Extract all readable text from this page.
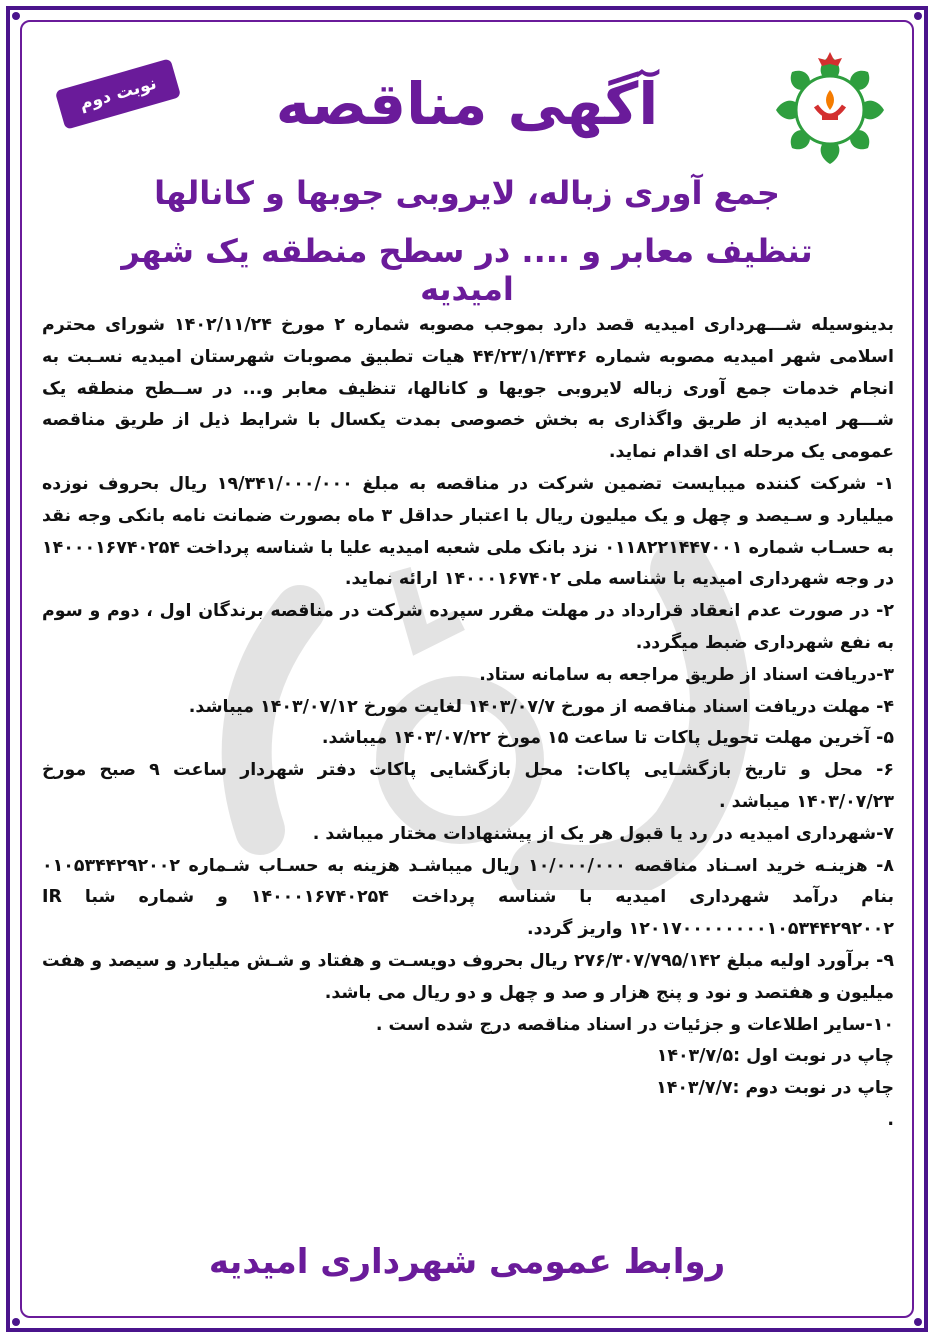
نوبت دوم	آگهی مناقصه
جمع آوری زباله، لایروبی جوبها و کانالها
تنظیف معابر و .... در سطح منطقه یک شهر امیدیه

بدینوسیله شـــهرداری امیدیه قصد دارد بموجب مصوبه شماره ۲ مورخ ۱۴۰۲/۱۱/۲۴ شورای محترم اسلامی شهر امیدیه مصوبه شماره ۴۴/۲۳/۱/۴۳۴۶ هیات تطبیق مصوبات شهرستان امیدیه نسـبت به انجام خدمات جمع آوری زباله لایروبی جویها و کانالها، تنظیف معابر و... در ســطح منطقه یک شـــهر امیدیه از طریق واگذاری به بخش خصوصی بمدت یکسال با شرایط ذیل از طریق مناقصه عمومی یک مرحله ای اقدام نماید.

۱- شرکت کننده میبایست تضمین شرکت در مناقصه به مبلغ ۱۹/۳۴۱/۰۰۰/۰۰۰ ریال بحروف نوزده میلیارد و سـیصد و چهل و یک میلیون ریال با اعتبار حداقل ۳ ماه بصورت ضمانت نامه بانکی وجه نقد به حسـاب شماره ۰۱۱۸۲۲۱۴۴۷۰۰۱ نزد بانک ملی شعبه امیدیه علیا با شناسه پرداخت ۱۴۰۰۰۱۶۷۴۰۲۵۴ در وجه شهرداری امیدیه با شناسه ملی ۱۴۰۰۰۱۶۷۴۰۲ ارائه نماید.

۲- در صورت عدم انعقاد قرارداد در مهلت مقرر سپرده شرکت در مناقصه برندگان اول ، دوم و سوم به نفع شهرداری ضبط میگردد.

۳-دریافت اسناد از طریق مراجعه به سامانه ستاد.

۴- مهلت دریافت اسناد مناقصه از مورخ ۱۴۰۳/۰۷/۷ لغایت مورخ ۱۴۰۳/۰۷/۱۲ میباشد.

۵- آخرین مهلت تحویل پاکات تا ساعت ۱۵ مورخ ۱۴۰۳/۰۷/۲۲ میباشد.

۶- محل و تاریخ بازگشـایی پاکات: محل بازگشایی پاکات دفتر شهردار ساعت ۹ صبح مورخ ۱۴۰۳/۰۷/۲۳ میباشد .

۷-شهرداری امیدیه در رد یا قبول هر یک از پیشنهادات مختار میباشد .

۸- هزینـه خرید اسـناد مناقصه ۱۰/۰۰۰/۰۰۰ ریال میباشـد هزینه به حسـاب شـماره ۰۱۰۵۳۴۴۲۹۲۰۰۲ بنام درآمد شهرداری امیدیه با شناسه پرداخت ۱۴۰۰۰۱۶۷۴۰۲۵۴ و شماره شبا IR ۱۲۰۱۷۰۰۰۰۰۰۰۰۱۰۵۳۴۴۲۹۲۰۰۲ واریز گردد.

۹- برآورد اولیه مبلغ ۲۷۶/۳۰۷/۷۹۵/۱۴۲ ریال بحروف دویسـت و هفتاد و شـش میلیارد و سیصد و هفت میلیون و هفتصد و نود و پنج هزار و صد و چهل و دو ریال می باشد.

۱۰-سایر اطلاعات و جزئیات در اسناد مناقصه درج شده است .

چاپ در نوبت اول :۱۴۰۳/۷/۵

چاپ در نوبت دوم :۱۴۰۳/۷/۷

.

روابط عمومی شهرداری امیدیه
